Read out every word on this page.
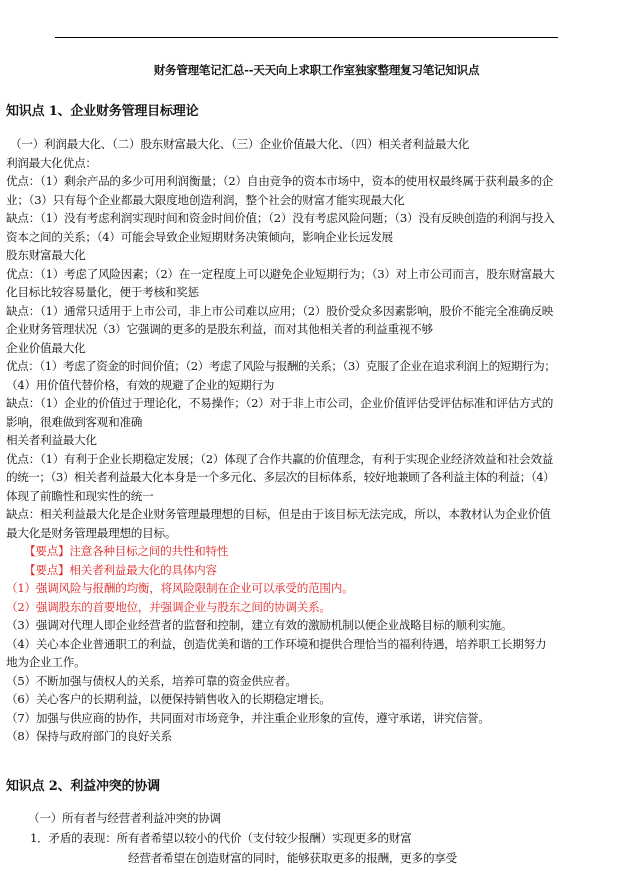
财务管理笔记汇总--天天向上求职工作室独家整理复习笔记知识点
知识点 1、企业财务管理目标理论

（一）利润最大化、（二）股东财富最大化、（三）企业价值最大化、（四）相关者利益最大化

利润最大化优点：

优点：（1）剩余产品的多少可用利润衡量；（2）自由竞争的资本市场中，资本的使用权最终属于获利最多的企

业；（3）只有每个企业都最大限度地创造利润，整个社会的财富才能实现最大化

缺点：（1）没有考虑利润实现时间和资金时间价值；（2）没有考虑风险问题；（3）没有反映创造的利润与投入

资本之间的关系；（4）可能会导致企业短期财务决策倾向，影响企业长远发展

股东财富最大化

优点：（1）考虑了风险因素；（2）在一定程度上可以避免企业短期行为；（3）对上市公司而言，股东财富最大

化目标比较容易量化，便于考核和奖惩

缺点：（1）通常只适用于上市公司，非上市公司难以应用；（2）股价受众多因素影响，股价不能完全准确反映

企业财务管理状况（3）它强调的更多的是股东利益，而对其他相关者的利益重视不够

企业价值最大化

优点：（1）考虑了资金的时间价值；（2）考虑了风险与报酬的关系；（3）克服了企业在追求利润上的短期行为；

（4）用价值代替价格，有效的规避了企业的短期行为

缺点：（1）企业的价值过于理论化，不易操作；（2）对于非上市公司，企业价值评估受评估标准和评估方式的

影响，很难做到客观和准确

相关者利益最大化

优点：（1）有利于企业长期稳定发展；（2）体现了合作共赢的价值理念，有利于实现企业经济效益和社会效益

的统一；（3）相关者利益最大化本身是一个多元化、多层次的目标体系，较好地兼顾了各利益主体的利益；（4）

体现了前瞻性和现实性的统一

缺点：相关利益最大化是企业财务管理最理想的目标，但是由于该目标无法完成，所以，本教材认为企业价值

最大化是财务管理最理想的目标。

【要点】注意各种目标之间的共性和特性

【要点】相关者利益最大化的具体内容

（1）强调风险与报酬的均衡，将风险限制在企业可以承受的范围内。

（2）强调股东的首要地位，并强调企业与股东之间的协调关系。

（3）强调对代理人即企业经营者的监督和控制，建立有效的激励机制以便企业战略目标的顺利实施。

（4）关心本企业普通职工的利益，创造优美和谐的工作环境和提供合理恰当的福利待遇，培养职工长期努力

地为企业工作。

（5）不断加强与债权人的关系，培养可靠的资金供应者。

（6）关心客户的长期利益，以便保持销售收入的长期稳定增长。

（7）加强与供应商的协作，共同面对市场竞争，并注重企业形象的宣传，遵守承诺，讲究信誉。

（8）保持与政府部门的良好关系

知识点 2、利益冲突的协调

（一）所有者与经营者利益冲突的协调

1．矛盾的表现：所有者希望以较小的代价（支付较少报酬）实现更多的财富

经营者希望在创造财富的同时，能够获取更多的报酬，更多的享受
